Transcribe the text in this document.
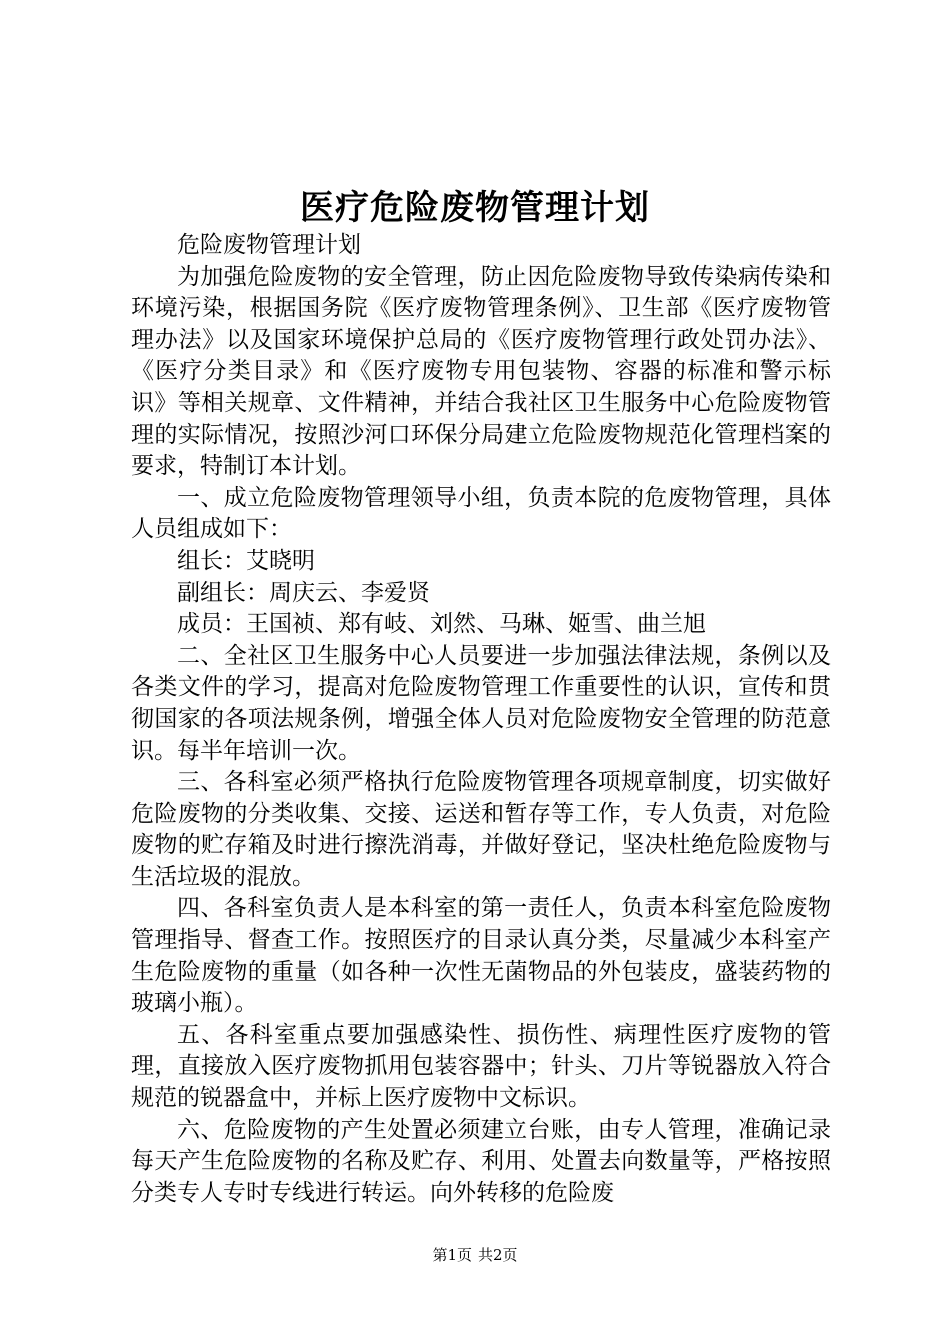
医疗危险废物管理计划

危险废物管理计划

为加强危险废物的安全管理，防止因危险废物导致传染病传染和环境污染，根据国务院《医疗废物管理条例》、卫生部《医疗废物管理办法》以及国家环境保护总局的《医疗废物管理行政处罚办法》、《医疗分类目录》和《医疗废物专用包装物、容器的标准和警示标识》等相关规章、文件精神，并结合我社区卫生服务中心危险废物管理的实际情况，按照沙河口环保分局建立危险废物规范化管理档案的要求，特制订本计划。

一、成立危险废物管理领导小组，负责本院的危废物管理，具体人员组成如下：

组长：艾晓明

副组长：周庆云、李爱贤

成员：王国祯、郑有岐、刘然、马琳、姬雪、曲兰旭

二、全社区卫生服务中心人员要进一步加强法律法规，条例以及各类文件的学习，提高对危险废物管理工作重要性的认识，宣传和贯彻国家的各项法规条例，增强全体人员对危险废物安全管理的防范意识。每半年培训一次。

三、各科室必须严格执行危险废物管理各项规章制度，切实做好危险废物的分类收集、交接、运送和暂存等工作，专人负责，对危险废物的贮存箱及时进行擦洗消毒，并做好登记，坚决杜绝危险废物与生活垃圾的混放。

四、各科室负责人是本科室的第一责任人，负责本科室危险废物管理指导、督查工作。按照医疗的目录认真分类，尽量减少本科室产生危险废物的重量（如各种一次性无菌物品的外包装皮，盛装药物的玻璃小瓶）。

五、各科室重点要加强感染性、损伤性、病理性医疗废物的管理，直接放入医疗废物抓用包装容器中；针头、刀片等锐器放入符合规范的锐器盒中，并标上医疗废物中文标识。

六、危险废物的产生处置必须建立台账，由专人管理，准确记录每天产生危险废物的名称及贮存、利用、处置去向数量等，严格按照分类专人专时专线进行转运。向外转移的危险废

第1页 共2页
